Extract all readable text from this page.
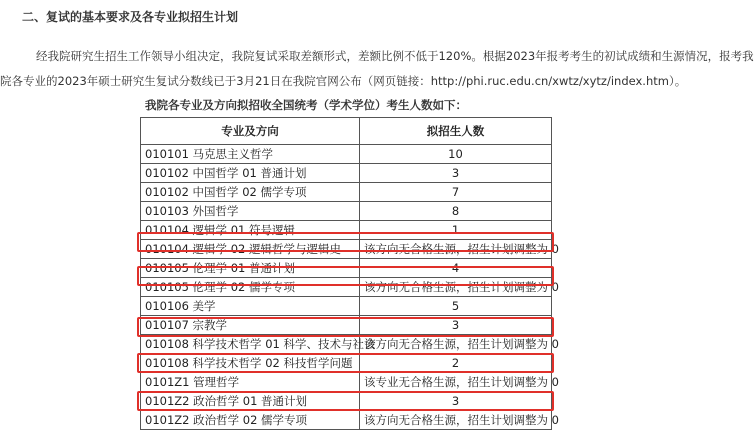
二、复试的基本要求及各专业拟招生计划
经我院研究生招生工作领导小组决定，我院复试采取差额形式，差额比例不低于120%。根据2023年报考考生的初试成绩和生源情况，报考我
院各专业的2023年硕士研究生复试分数线已于3月21日在我院官网公布（网页链接：http://phi.ruc.edu.cn/xwtz/xytz/index.htm）。
我院各专业及方向拟招收全国统考（学术学位）考生人数如下：
专业及方向	拟招生人数
010101 马克思主义哲学	10
010102 中国哲学 01 普通计划	3
010102 中国哲学 02 儒学专项	7
010103 外国哲学	8
010104 逻辑学 01 符号逻辑	1
010104 逻辑学 02 逻辑哲学与逻辑史	该方向无合格生源，招生计划调整为 0
010105 伦理学 01 普通计划	4
010105 伦理学 02 儒学专项	该方向无合格生源，招生计划调整为 0
010106 美学	5
010107 宗教学	3
010108 科学技术哲学 01 科学、技术与社会	该方向无合格生源，招生计划调整为 0
010108 科学技术哲学 02 科技哲学问题	2
0101Z1 管理哲学	该专业无合格生源，招生计划调整为 0
0101Z2 政治哲学 01 普通计划	3
0101Z2 政治哲学 02 儒学专项	该方向无合格生源，招生计划调整为 0
